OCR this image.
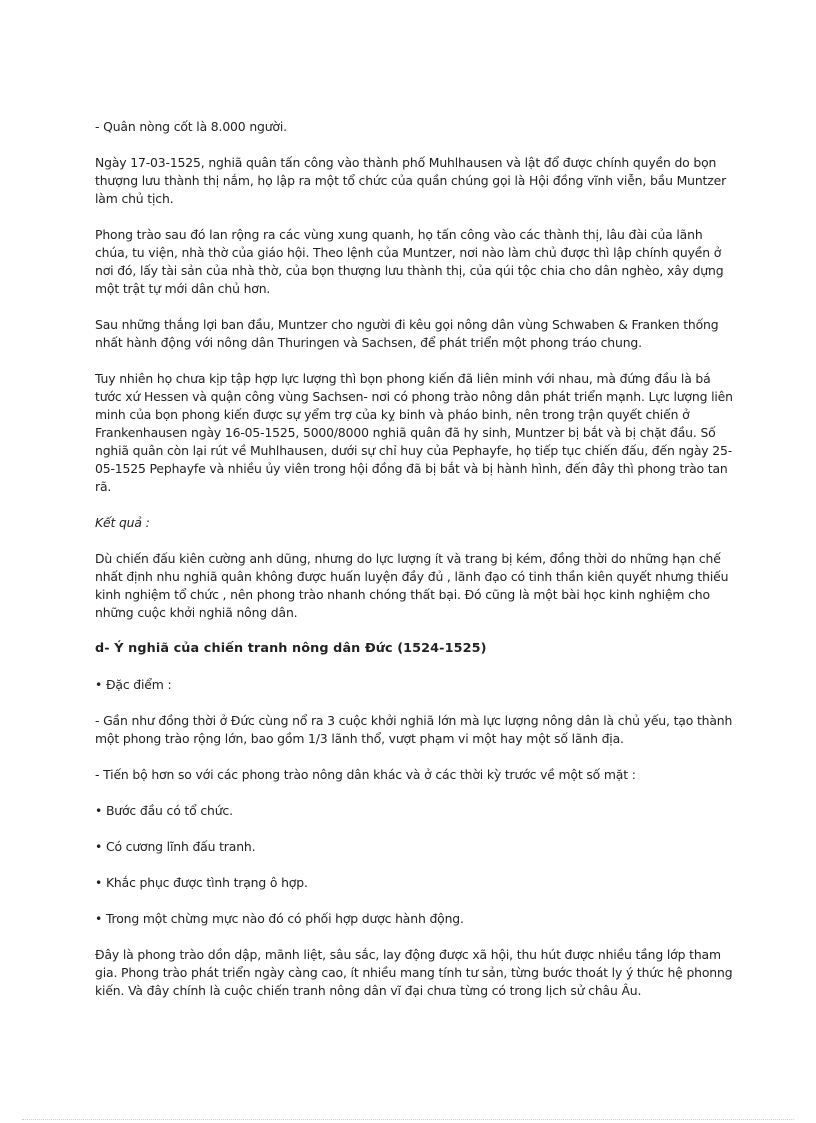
- Quân nòng cốt là 8.000 người.

Ngày 17-03-1525, nghiã quân tấn công vào thành phố Muhlhausen và lật đổ được chính quyền do bọn thượng lưu thành thị nắm, họ lập ra một tổ chức của quần chúng gọi là Hội đồng vĩnh viễn, bầu Muntzer làm chủ tịch.

Phong trào sau đó lan rộng ra các vùng xung quanh, họ tấn công vào các thành thị, lâu đài của lãnh chúa, tu viện, nhà thờ của giáo hội. Theo lệnh của Muntzer, nơi nào làm chủ được thì lập chính quyền ở nơi đó, lấy tài sản của nhà thờ, của bọn thượng lưu thành thị, của qúi tộc chia cho dân nghèo, xây dựng một trật tự mới dân chủ hơn.

Sau những thắng lợi ban đầu, Muntzer cho người đi kêu gọi nông dân vùng Schwaben & Franken thống nhất hành động với nông dân Thuringen và Sachsen, để phát triển một phong tráo chung.

Tuy nhiên họ chưa kịp tập hợp lực lượng thì bọn phong kiến đã liên minh với nhau, mà đứng đầu là bá tước xứ Hessen và quận công vùng Sachsen- nơi có phong trào nông dân phát triển mạnh. Lực lượng liên minh của bọn phong kiến được sự yểm trợ của kỵ binh và pháo binh, nên trong trận quyết chiến ở Frankenhausen ngày 16-05-1525, 5000/8000 nghiã quân đã hy sinh, Muntzer bị bắt và bị chặt đầu. Số nghiã quân còn lại rút về Muhlhausen, dưới sự chỉ huy của Pephayfe, họ tiếp tục chiến đấu, đến ngày 25-05-1525 Pephayfe và nhiều ủy viên trong hội đồng đã bị bắt và bị hành hình, đến đây thì phong trào tan rã.

Kết quả :

Dù chiến đấu kiên cường anh dũng, nhưng do lực lượng ít và trang bị kém, đồng thời do những hạn chế nhất định nhu nghiã quân không được huấn luyện đầy đủ , lãnh đạo có tinh thần kiên quyết nhưng thiếu kinh nghiệm tổ chức , nên phong trào nhanh chóng thất bại. Đó cũng là một bài học kinh nghiệm cho những cuộc khởi nghiã nông dân.

d- Ý nghiã của chiến tranh nông dân Đức (1524-1525)

• Đặc điểm :

- Gần như đồng thời ở Đức cùng nổ ra 3 cuộc khởi nghiã lớn mà lực lượng nông dân là chủ yếu, tạo thành một phong trào rộng lớn, bao gồm 1/3 lãnh thổ, vượt phạm vi một hay một số lãnh địa.

- Tiến bộ hơn so với các phong trào nông dân khác và ở các thời kỳ trước về một số mặt :

• Bước đầu có tổ chức.

• Có cương lĩnh đấu tranh.

• Khắc phục được tình trạng ô hợp.

• Trong một chừng mực nào đó có phối hợp dược hành động.

Đây là phong trào dồn dập, mãnh liệt, sâu sắc, lay động được xã hội, thu hút được nhiều tầng lớp tham gia. Phong trào phát triển ngày càng cao, ít nhiều mang tính tư sản, từng bước thoát ly ý thức hệ phonng kiến. Và đây chính là cuộc chiến tranh nông dân vĩ đại chưa từng có trong lịch sử châu Âu.
